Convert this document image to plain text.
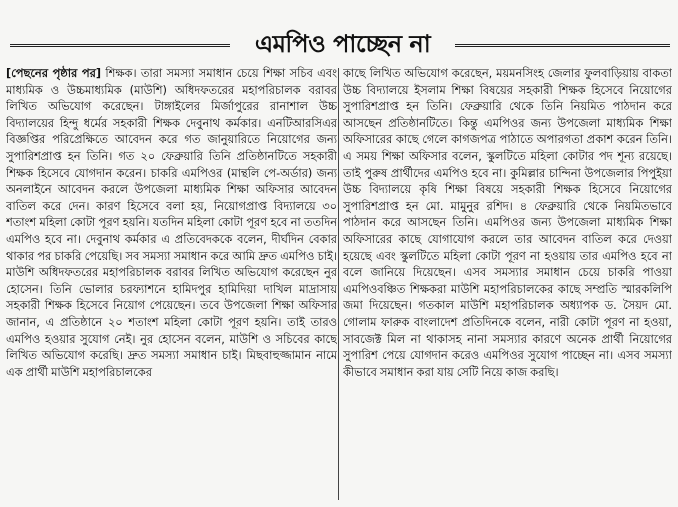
এমপিও পাচ্ছেন না

[পেছনের পৃষ্ঠার পর] শিক্ষক। তারা সমস্যা সমাধান চেয়ে শিক্ষা সচিব এবং মাধ্যমিক ও উচ্চমাধ্যমিক (মাউশি) অধিদফতরের মহাপরিচালক বরাবর লিখিত অভিযোগ করেছেন। টাঙ্গাইলের মির্জাপুরের রানাশাল উচ্চ বিদ্যালয়ের হিন্দু ধর্মের সহকারী শিক্ষক দেবুনাথ কর্মকার। এনটিআরসিএর বিজ্ঞপ্তির পরিপ্রেক্ষিতে আবেদন করে গত জানুয়ারিতে নিয়োগের জন্য সুপারিশপ্রাপ্ত হন তিনি। গত ২০ ফেব্রুয়ারি তিনি প্রতিষ্ঠানটিতে সহকারী শিক্ষক হিসেবে যোগদান করেন। চাকরি এমপিওর (মান্থলি পে-অর্ডার) জন্য অনলাইনে আবেদন করলে উপজেলা মাধ্যমিক শিক্ষা অফিসার আবেদন বাতিল করে দেন। কারণ হিসেবে বলা হয়, নিয়োগপ্রাপ্ত বিদ্যালয়ে ৩০ শতাংশ মহিলা কোটা পূরণ হয়নি। যতদিন মহিলা কোটা পূরণ হবে না ততদিন এমপিও হবে না। দেবুনাথ কর্মকার এ প্রতিবেদককে বলেন, দীর্ঘদিন বেকার থাকার পর চাকরি পেয়েছি। সব সমস্যা সমাধান করে আমি দ্রুত এমপিও চাই। মাউশি অধিদফতরের মহাপরিচালক বরাবর লিখিত অভিযোগ করেছেন নুর হোসেন। তিনি ভোলার চরফ্যাশনে হামিদপুর হামিদিয়া দাখিল মাদ্রাসায় সহকারী শিক্ষক হিসেবে নিয়োগ পেয়েছেন। তবে উপজেলা শিক্ষা অফিসার জানান, এ প্রতিষ্ঠানে ২০ শতাংশ মহিলা কোটা পূরণ হয়নি। তাই তারও এমপিও হওয়ার সুযোগ নেই। নুর হোসেন বলেন, মাউশি ও সচিবের কাছে লিখিত অভিযোগ করেছি। দ্রুত সমস্যা সমাধান চাই। মিছবাহুজ্জামান নামে এক প্রার্থী মাউশি মহাপরিচালকের

কাছে লিখিত অভিযোগ করেছেন, ময়মনসিংহ জেলার ফুলবাড়িয়ায় বাকতা উচ্চ বিদ্যালয়ে ইসলাম শিক্ষা বিষয়ের সহকারী শিক্ষক হিসেবে নিয়োগের সুপারিশপ্রাপ্ত হন তিনি। ফেব্রুয়ারি থেকে তিনি নিয়মিত পাঠদান করে আসছেন প্রতিষ্ঠানটিতে। কিন্তু এমপিওর জন্য উপজেলা মাধ্যমিক শিক্ষা অফিসারের কাছে গেলে কাগজপত্র পাঠাতে অপারগতা প্রকাশ করেন তিনি। এ সময় শিক্ষা অফিসার বলেন, স্কুলটিতে মহিলা কোটার পদ শূন্য রয়েছে। তাই পুরুষ প্রার্থীদের এমপিও হবে না। কুমিল্লার চান্দিনা উপজেলার পিপুইয়া উচ্চ বিদ্যালয়ে কৃষি শিক্ষা বিষয়ে সহকারী শিক্ষক হিসেবে নিয়োগের সুপারিশপ্রাপ্ত হন মো. মামুনুর রশিদ। ৪ ফেব্রুয়ারি থেকে নিয়মিতভাবে পাঠদান করে আসছেন তিনি। এমপিওর জন্য উপজেলা মাধ্যমিক শিক্ষা অফিসারের কাছে যোগাযোগ করলে তার আবেদন বাতিল করে দেওয়া হয়েছে এবং স্কুলটিতে মহিলা কোটা পূরণ না হওয়ায় তার এমপিও হবে না বলে জানিয়ে দিয়েছেন। এসব সমস্যার সমাধান চেয়ে চাকরি পাওয়া এমপিওবঞ্চিত শিক্ষকরা মাউশি মহাপরিচালকের কাছে সম্প্রতি স্মারকলিপি জমা দিয়েছেন। গতকাল মাউশি মহাপরিচালক অধ্যাপক ড. সৈয়দ মো. গোলাম ফারুক বাংলাদেশ প্রতিদিনকে বলেন, নারী কোটা পূরণ না হওয়া, সাবজেক্ট মিল না থাকাসহ নানা সমস্যার কারণে অনেক প্রার্থী নিয়োগের সুপারিশ পেয়ে যোগদান করেও এমপিওর সুযোগ পাচ্ছেন না। এসব সমস্যা কীভাবে সমাধান করা যায় সেটি নিয়ে কাজ করছি।
